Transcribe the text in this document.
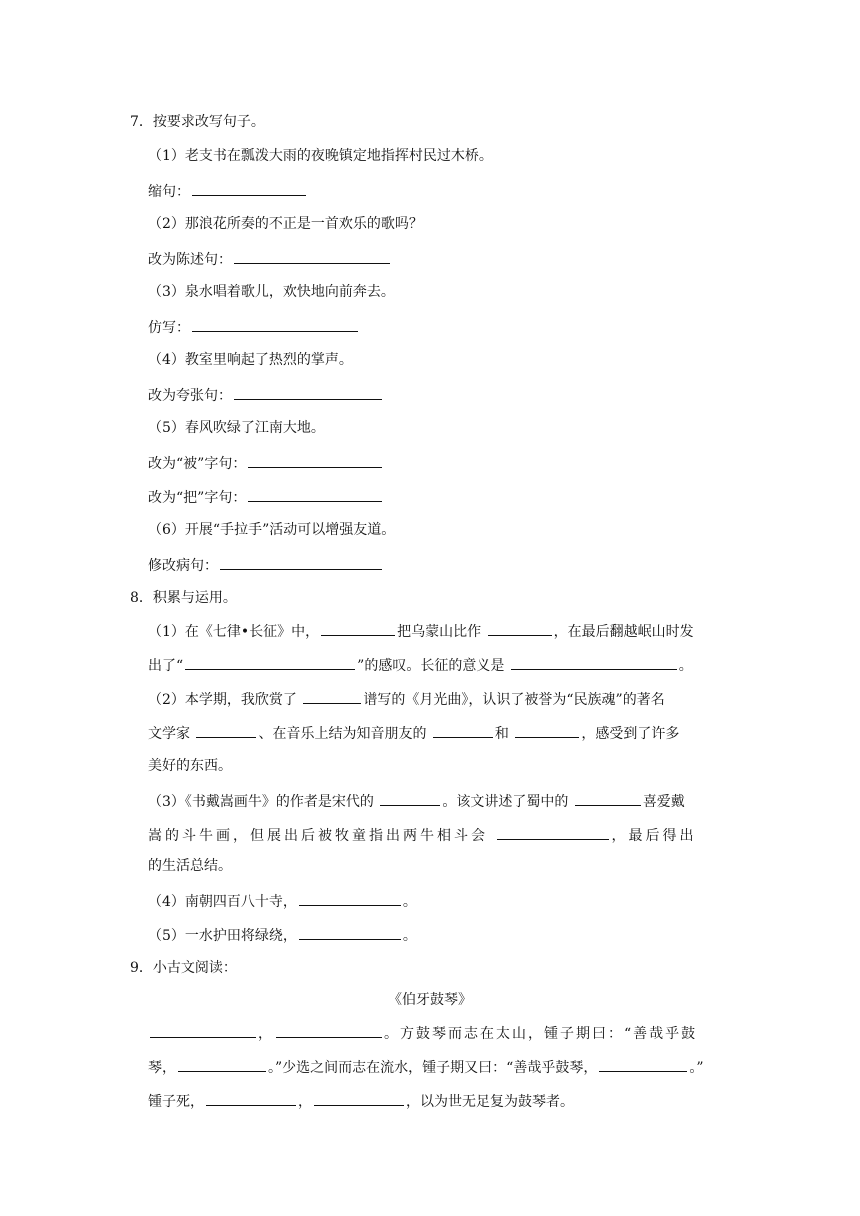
7．按要求改写句子。
（1）老支书在瓢泼大雨的夜晚镇定地指挥村民过木桥。
缩句：
（2）那浪花所奏的不正是一首欢乐的歌吗？
改为陈述句：
（3）泉水唱着歌儿，欢快地向前奔去。
仿写：
（4）教室里响起了热烈的掌声。
改为夸张句：
（5）春风吹绿了江南大地。
改为“被”字句：
改为“把”字句：
（6）开展“手拉手”活动可以增强友道。
修改病句：
8．积累与运用。
（1）在《七律•长征》中，	把乌蒙山比作	，在最后翻越岷山时发
出了“	”的感叹。长征的意义是	。
（2）本学期，我欣赏了	谱写的《月光曲》，认识了被誉为“民族魂”的著名
文学家	、在音乐上结为知音朋友的	和	，感受到了许多
美好的东西。
（3）《书戴嵩画牛》的作者是宋代的	。该文讲述了蜀中的	喜爱戴
嵩的斗牛画，但展出后被牧童指出两牛相斗会	，最后得出
的生活总结。
（4）南朝四百八十寺，	。
（5）一水护田将绿绕，	。
9．小古文阅读：
《伯牙鼓琴》
，	。方鼓琴而志在太山，锺子期曰：“善哉乎鼓
琴，	。”少选之间而志在流水，锺子期又曰：“善哉乎鼓琴，	。”
锺子死，	，	，以为世无足复为鼓琴者。
